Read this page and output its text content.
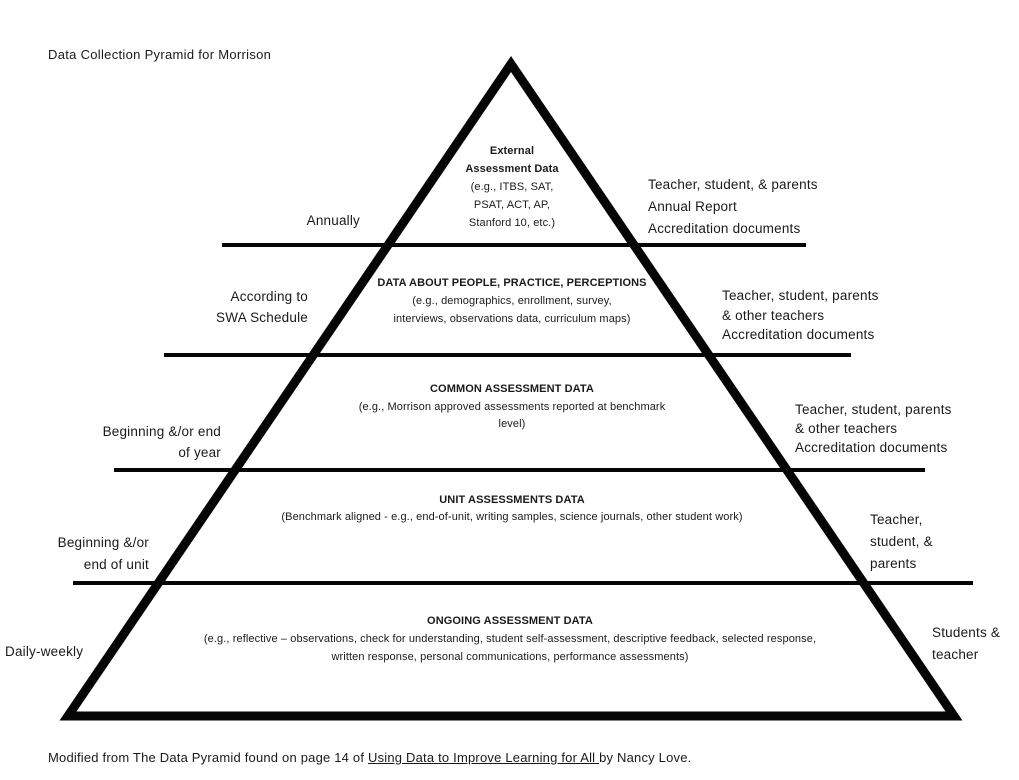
Data Collection Pyramid for Morrison
External
Assessment Data
(e.g., ITBS, SAT,
PSAT, ACT, AP,
Stanford 10, etc.)
Annually
Teacher, student, & parents
Annual Report
Accreditation documents
DATA ABOUT PEOPLE, PRACTICE, PERCEPTIONS
(e.g., demographics, enrollment, survey,
interviews, observations data, curriculum maps)
According to
SWA Schedule
Teacher, student, parents
& other teachers
Accreditation documents
COMMON ASSESSMENT DATA
(e.g., Morrison approved assessments reported at benchmark
level)
Beginning &/or end
of year
Teacher, student, parents
& other teachers
Accreditation documents
UNIT ASSESSMENTS DATA
(Benchmark aligned - e.g., end-of-unit, writing samples, science journals, other student work)
Beginning &/or
end of unit
Teacher,
student, &
parents
ONGOING ASSESSMENT DATA
(e.g., reflective – observations, check for understanding, student self-assessment, descriptive feedback, selected response,
written response, personal communications, performance assessments)
Daily-weekly
Students &
teacher
Modified from The Data Pyramid found on page 14 of Using Data to Improve Learning for All by Nancy Love.
